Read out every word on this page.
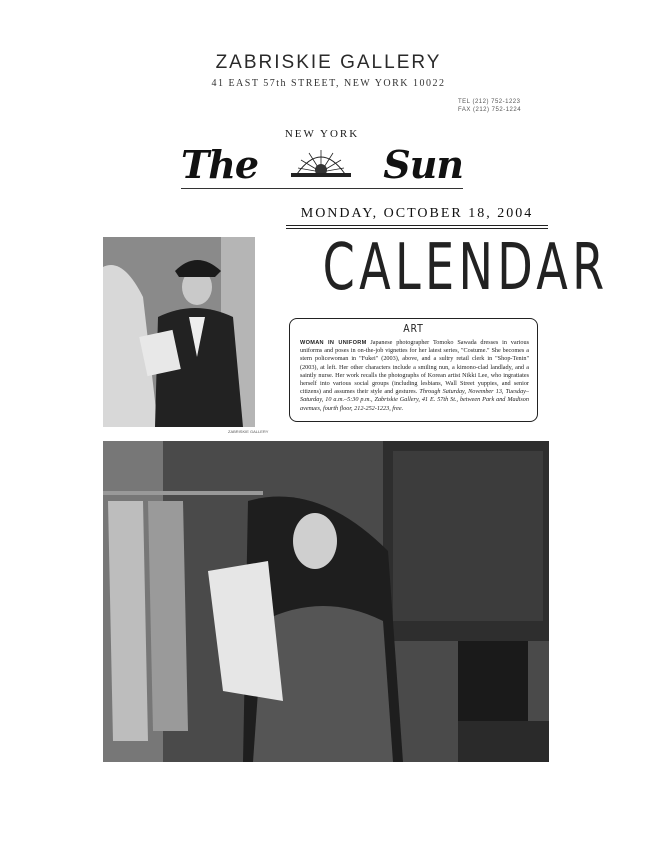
ZABRISKIE GALLERY
41 EAST 57th STREET, NEW YORK 10022
TEL (212) 752-1223
FAX (212) 752-1224
NEW YORK
The	Sun
MONDAY, OCTOBER 18, 2004
CALENDAR
ZABRISKIE GALLERY
ART
WOMAN IN UNIFORM Japanese photographer Tomoko Sawada dresses in various uniforms and poses in on-the-job vignettes for her latest series, "Costume." She becomes a stern policewoman in "Fukei" (2003), above, and a sultry retail clerk in "Shop-Tenin" (2003), at left. Her other characters include a smiling nun, a kimono-clad landlady, and a saintly nurse. Her work recalls the photographs of Korean artist Nikki Lee, who ingratiates herself into various social groups (including lesbians, Wall Street yuppies, and senior citizens) and assumes their style and gestures. Through Saturday, November 13, Tuesday–Saturday, 10 a.m.–5:30 p.m., Zabriskie Gallery, 41 E. 57th St., between Park and Madison avenues, fourth floor, 212-252-1223, free.
